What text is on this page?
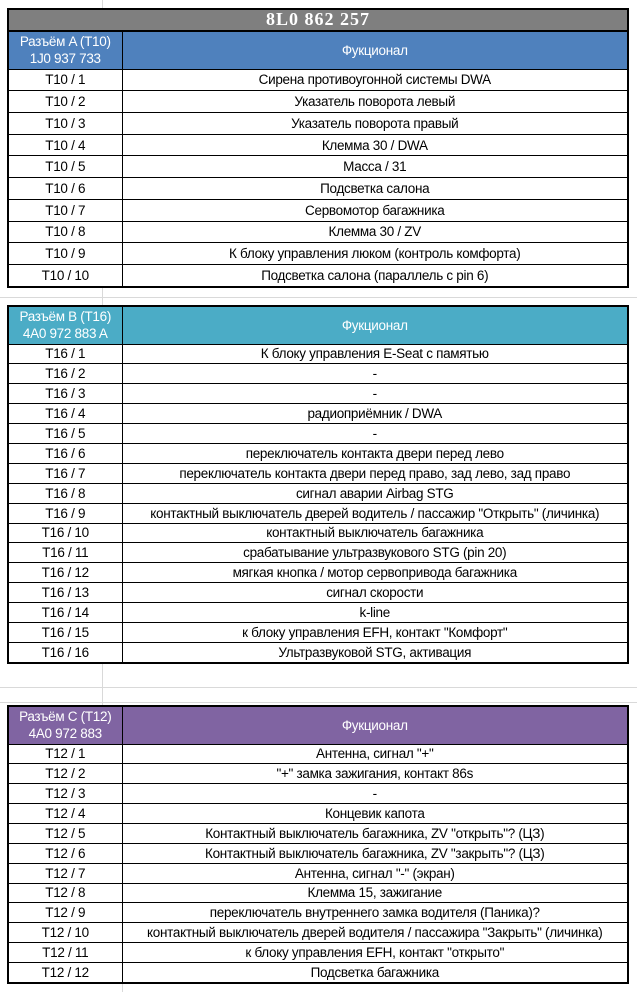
8L0 862 257
Разъём A (T10)
1J0 937 733	Фукционал
T10 / 1	Сирена противоугонной системы DWA
T10 / 2	Указатель поворота левый
T10 / 3	Указатель поворота правый
T10 / 4	Клемма 30 / DWA
T10 / 5	Масса / 31
T10 / 6	Подсветка салона
T10 / 7	Сервомотор багажника
T10 / 8	Клемма 30 / ZV
T10 / 9	К блоку управления люком (контроль комфорта)
T10 / 10	Подсветка салона (параллель с pin 6)
Разъём B (T16)
4A0 972 883 A	Фукционал
T16 / 1	К блоку управления E-Seat с памятью
T16 / 2	-
T16 / 3	-
T16 / 4	радиоприёмник / DWA
T16 / 5	-
T16 / 6	переключатель контакта двери перед лево
T16 / 7	переключатель контакта двери перед право, зад лево, зад право
T16 / 8	сигнал аварии Airbag STG
T16 / 9	контактный выключатель дверей водитель / пассажир "Открыть" (личинка)
T16 / 10	контактный выключатель багажника
T16 / 11	срабатывание ультразвукового STG (pin 20)
T16 / 12	мягкая кнопка / мотор сервопривода багажника
T16 / 13	сигнал скорости
T16 / 14	k-line
T16 / 15	к блоку управления EFH, контакт "Комфорт"
T16 / 16	Ультразвуковой STG, активация
Разъём C (T12)
4A0 972 883	Фукционал
T12 / 1	Антенна, сигнал "+"
T12 / 2	"+" замка зажигания, контакт 86s
T12 / 3	-
T12 / 4	Концевик капота
T12 / 5	Контактный выключатель багажника, ZV "открыть"? (ЦЗ)
T12 / 6	Контактный выключатель багажника, ZV "закрыть"? (ЦЗ)
T12 / 7	Антенна, сигнал "-" (экран)
T12 / 8	Клемма 15, зажигание
T12 / 9	переключатель внутреннего замка водителя (Паника)?
T12 / 10	контактный выключатель дверей водителя / пассажира "Закрыть" (личинка)
T12 / 11	к блоку управления EFH, контакт "открыто"
T12 / 12	Подсветка багажника
